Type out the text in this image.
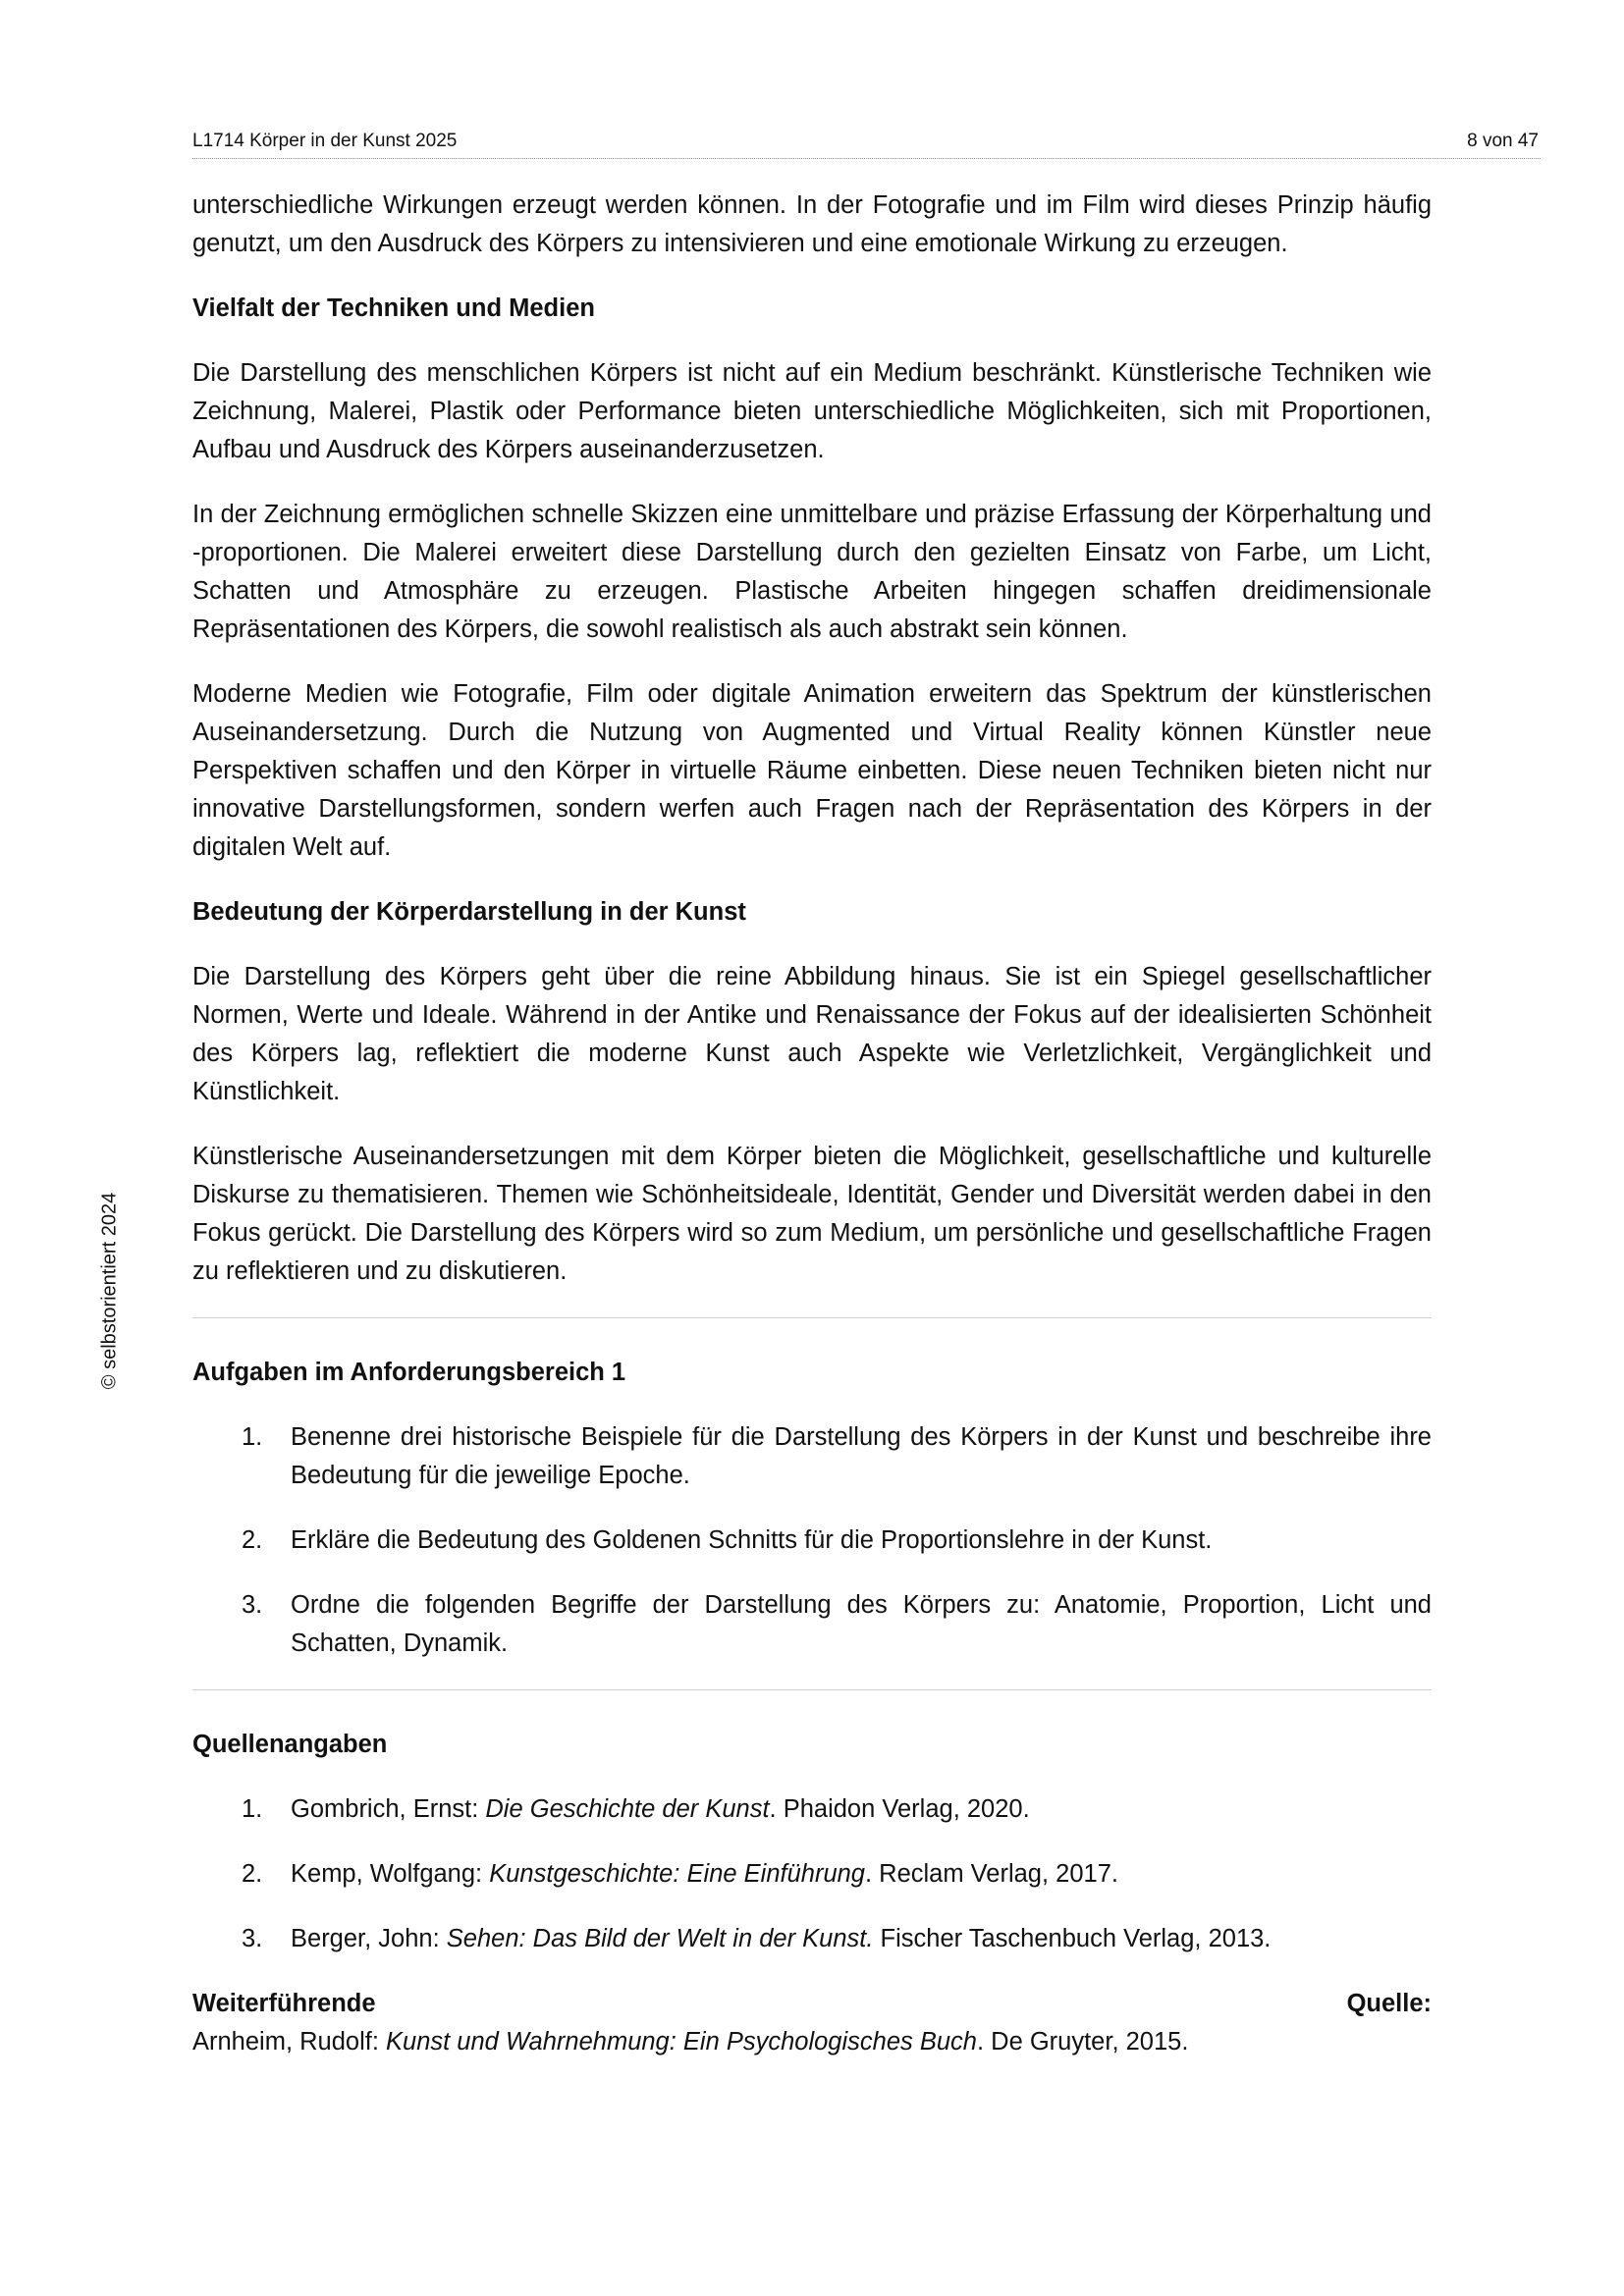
L1714 Körper in der Kunst 2025	8 von 47
© selbstorientiert 2024

unterschiedliche Wirkungen erzeugt werden können. In der Fotografie und im Film wird dieses Prinzip häufig genutzt, um den Ausdruck des Körpers zu intensivieren und eine emotionale Wirkung zu erzeugen.

Vielfalt der Techniken und Medien

Die Darstellung des menschlichen Körpers ist nicht auf ein Medium beschränkt. Künstlerische Techniken wie Zeichnung, Malerei, Plastik oder Performance bieten unterschiedliche Möglichkeiten, sich mit Proportionen, Aufbau und Ausdruck des Körpers auseinanderzusetzen.

In der Zeichnung ermöglichen schnelle Skizzen eine unmittelbare und präzise Erfassung der Körperhaltung und -proportionen. Die Malerei erweitert diese Darstellung durch den gezielten Einsatz von Farbe, um Licht, Schatten und Atmosphäre zu erzeugen. Plastische Arbeiten hingegen schaffen dreidimensionale Repräsentationen des Körpers, die sowohl realistisch als auch abstrakt sein können.

Moderne Medien wie Fotografie, Film oder digitale Animation erweitern das Spektrum der künstlerischen Auseinandersetzung. Durch die Nutzung von Augmented und Virtual Reality können Künstler neue Perspektiven schaffen und den Körper in virtuelle Räume einbetten. Diese neuen Techniken bieten nicht nur innovative Darstellungsformen, sondern werfen auch Fragen nach der Repräsentation des Körpers in der digitalen Welt auf.

Bedeutung der Körperdarstellung in der Kunst

Die Darstellung des Körpers geht über die reine Abbildung hinaus. Sie ist ein Spiegel gesellschaftlicher Normen, Werte und Ideale. Während in der Antike und Renaissance der Fokus auf der idealisierten Schönheit des Körpers lag, reflektiert die moderne Kunst auch Aspekte wie Verletzlichkeit, Vergänglichkeit und Künstlichkeit.

Künstlerische Auseinandersetzungen mit dem Körper bieten die Möglichkeit, gesellschaftliche und kulturelle Diskurse zu thematisieren. Themen wie Schönheitsideale, Identität, Gender und Diversität werden dabei in den Fokus gerückt. Die Darstellung des Körpers wird so zum Medium, um persönliche und gesellschaftliche Fragen zu reflektieren und zu diskutieren.

Aufgaben im Anforderungsbereich 1
1. Benenne drei historische Beispiele für die Darstellung des Körpers in der Kunst und beschreibe ihre Bedeutung für die jeweilige Epoche.
2. Erkläre die Bedeutung des Goldenen Schnitts für die Proportionslehre in der Kunst.
3. Ordne die folgenden Begriffe der Darstellung des Körpers zu: Anatomie, Proportion, Licht und Schatten, Dynamik.
Quellenangaben
1. Gombrich, Ernst: Die Geschichte der Kunst. Phaidon Verlag, 2020.
2. Kemp, Wolfgang: Kunstgeschichte: Eine Einführung. Reclam Verlag, 2017.
3. Berger, John: Sehen: Das Bild der Welt in der Kunst. Fischer Taschenbuch Verlag, 2013.
Weiterführende	Quelle:

Arnheim, Rudolf: Kunst und Wahrnehmung: Ein Psychologisches Buch. De Gruyter, 2015.
